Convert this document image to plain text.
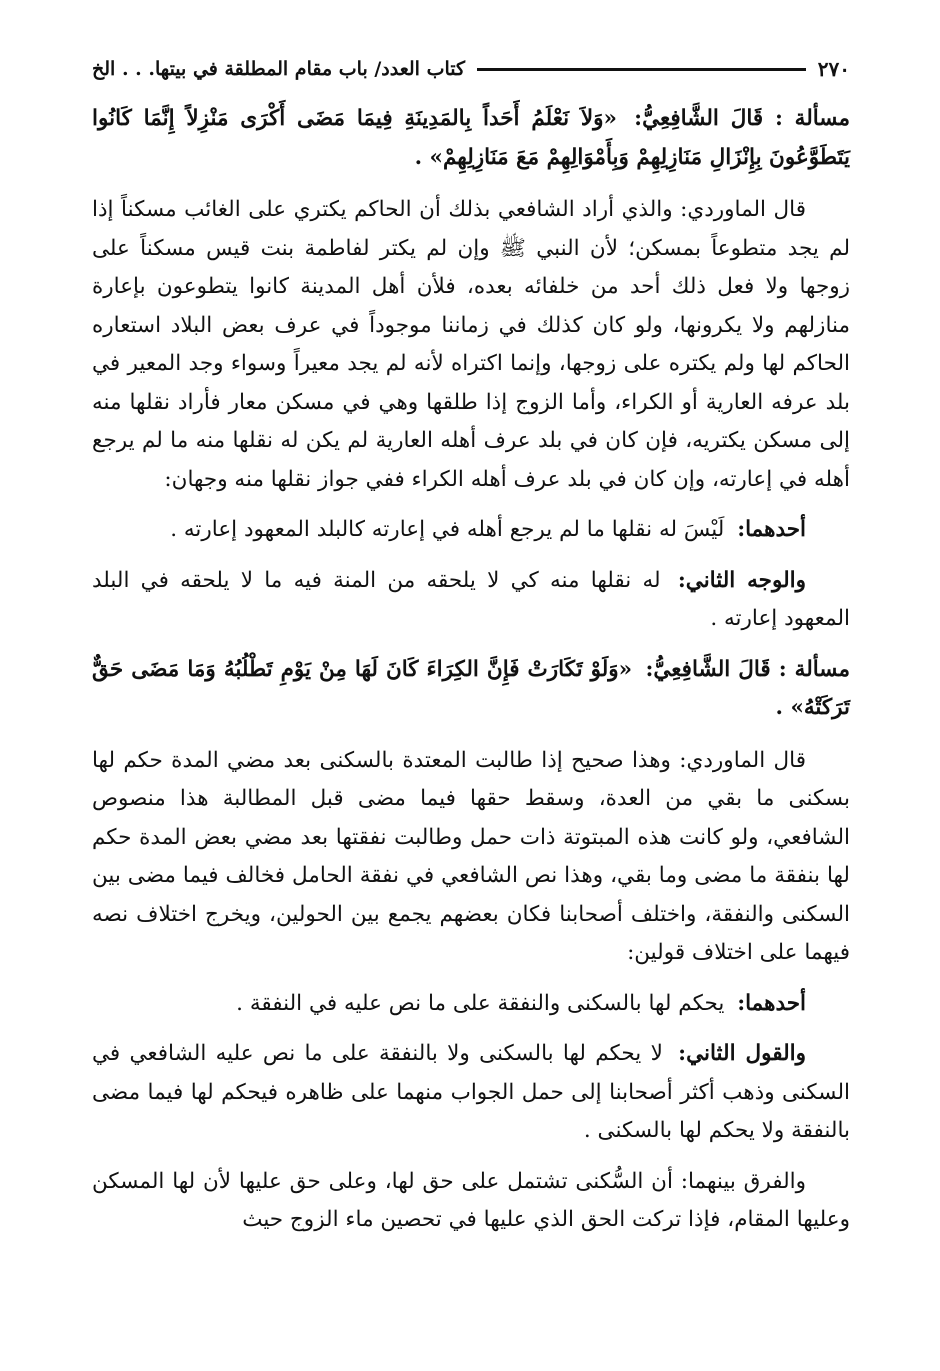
٢٧٠
كتاب العدد/ باب مقام المطلقة في بيتها. . . الخ

مسألة : قَالَ الشَّافِعِيُّ: «وَلاَ نَعْلَمُ أَحَداً بِالمَدِينَةِ فِيمَا مَضَى أَكْرَى مَنْزِلاً إِنَّمَا كَانُوا يَتَطَوَّعُونَ بِإِنْزَالِ مَنَازِلِهِمْ وَبِأَمْوَالِهِمْ مَعَ مَنَازِلِهِمْ» .

قال الماوردي: والذي أراد الشافعي بذلك أن الحاكم يكتري على الغائب مسكناً إذا لم يجد متطوعاً بمسكن؛ لأن النبي ﷺ وإن لم يكتر لفاطمة بنت قيس مسكناً على زوجها ولا فعل ذلك أحد من خلفائه بعده، فلأن أهل المدينة كانوا يتطوعون بإعارة منازلهم ولا يكرونها، ولو كان كذلك في زماننا موجوداً في عرف بعض البلاد استعاره الحاكم لها ولم يكتره على زوجها، وإنما اكتراه لأنه لم يجد معيراً وسواء وجد المعير في بلد عرفه العارية أو الكراء، وأما الزوج إذا طلقها وهي في مسكن معار فأراد نقلها منه إلى مسكن يكتريه، فإن كان في بلد عرف أهله العارية لم يكن له نقلها منه ما لم يرجع أهله في إعارته، وإن كان في بلد عرف أهله الكراء ففي جواز نقلها منه وجهان:

أحدهما: لَيْسَ له نقلها ما لم يرجع أهله في إعارته كالبلد المعهود إعارته .

والوجه الثاني: له نقلها منه كي لا يلحقه من المنة فيه ما لا يلحقه في البلد المعهود إعارته .

مسألة : قَالَ الشَّافِعِيُّ: «وَلَوْ تَكَارَتْ فَإِنَّ الكِرَاءَ كَانَ لَهَا مِنْ يَوْمِ تَطْلُبُهُ وَمَا مَضَى حَقٌّ تَرَكَتْهُ» .

قال الماوردي: وهذا صحيح إذا طالبت المعتدة بالسكنى بعد مضي المدة حكم لها بسكنى ما بقي من العدة، وسقط حقها فيما مضى قبل المطالبة هذا منصوص الشافعي، ولو كانت هذه المبتوتة ذات حمل وطالبت نفقتها بعد مضي بعض المدة حكم لها بنفقة ما مضى وما بقي، وهذا نص الشافعي في نفقة الحامل فخالف فيما مضى بين السكنى والنفقة، واختلف أصحابنا فكان بعضهم يجمع بين الحولين، ويخرج اختلاف نصه فيهما على اختلاف قولين:

أحدهما: يحكم لها بالسكنى والنفقة على ما نص عليه في النفقة .

والقول الثاني: لا يحكم لها بالسكنى ولا بالنفقة على ما نص عليه الشافعي في السكنى وذهب أكثر أصحابنا إلى حمل الجواب منهما على ظاهره فيحكم لها فيما مضى بالنفقة ولا يحكم لها بالسكنى .

والفرق بينهما: أن السُّكنى تشتمل على حق لها، وعلى حق عليها لأن لها المسكن وعليها المقام، فإذا تركت الحق الذي عليها في تحصين ماء الزوج حيث
